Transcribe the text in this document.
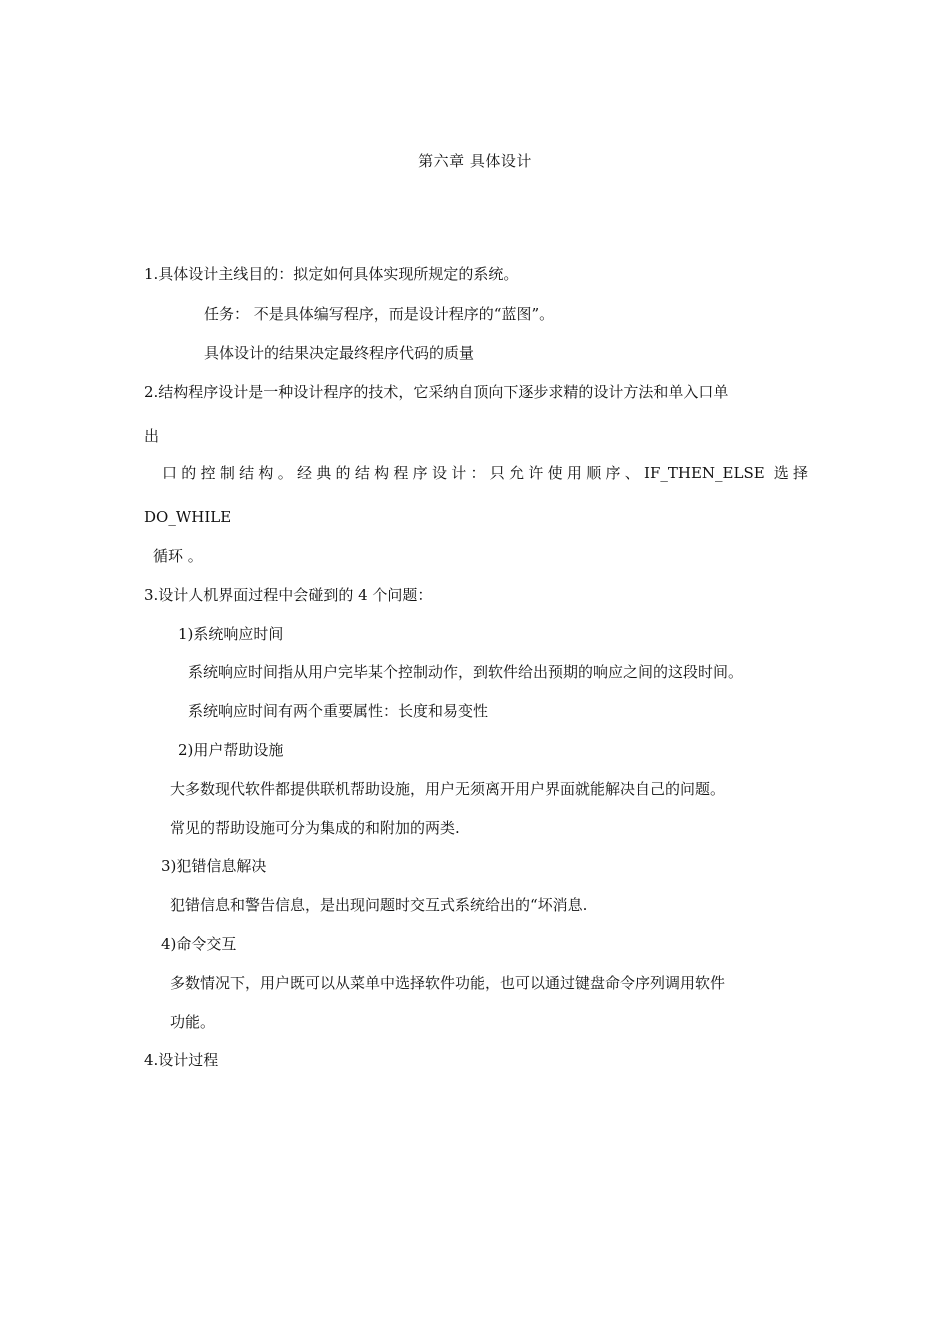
第六章 具体设计
1.具体设计主线目的：拟定如何具体实现所规定的系统。
任务： 不是具体编写程序，而是设计程序的“蓝图”。
具体设计的结果决定最终程序代码的质量
2.结构程序设计是一种设计程序的技术，它采纳自顶向下逐步求精的设计方法和单入口单
出
口的控制结构。经典的结构程序设计：只允许使用顺序、IF_THEN_ELSE 选择
DO_WHILE
循环 。
3.设计人机界面过程中会碰到的 4 个问题：
1)系统响应时间
系统响应时间指从用户完毕某个控制动作，到软件给出预期的响应之间的这段时间。
系统响应时间有两个重要属性：长度和易变性
2)用户帮助设施
大多数现代软件都提供联机帮助设施，用户无须离开用户界面就能解决自己的问题。
常见的帮助设施可分为集成的和附加的两类.
3)犯错信息解决
犯错信息和警告信息，是出现问题时交互式系统给出的“坏消息.
4)命令交互
多数情况下，用户既可以从菜单中选择软件功能，也可以通过键盘命令序列调用软件
功能。
4.设计过程
